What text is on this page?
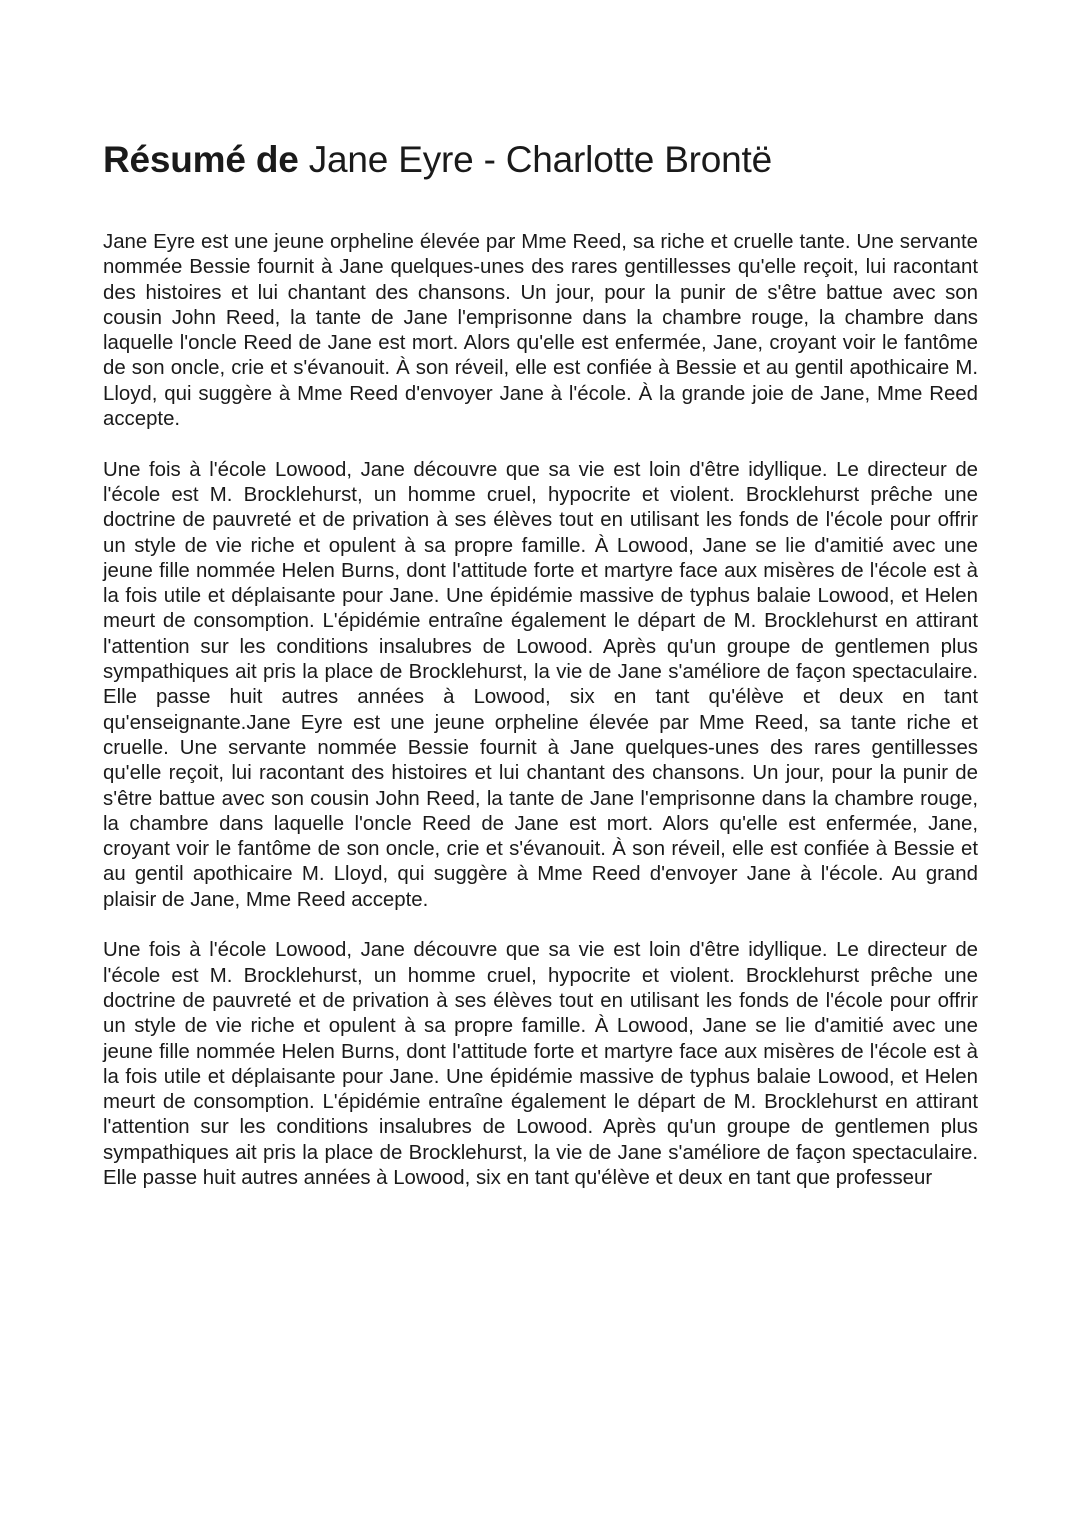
Résumé de Jane Eyre - Charlotte Brontë

Jane Eyre est une jeune orpheline élevée par Mme Reed, sa riche et cruelle tante. Une servante nommée Bessie fournit à Jane quelques-unes des rares gentillesses qu'elle reçoit, lui racontant des histoires et lui chantant des chansons. Un jour, pour la punir de s'être battue avec son cousin John Reed, la tante de Jane l'emprisonne dans la chambre rouge, la chambre dans laquelle l'oncle Reed de Jane est mort. Alors qu'elle est enfermée, Jane, croyant voir le fantôme de son oncle, crie et s'évanouit. À son réveil, elle est confiée à Bessie et au gentil apothicaire M. Lloyd, qui suggère à Mme Reed d'envoyer Jane à l'école. À la grande joie de Jane, Mme Reed accepte.

Une fois à l'école Lowood, Jane découvre que sa vie est loin d'être idyllique. Le directeur de l'école est M. Brocklehurst, un homme cruel, hypocrite et violent. Brocklehurst prêche une doctrine de pauvreté et de privation à ses élèves tout en utilisant les fonds de l'école pour offrir un style de vie riche et opulent à sa propre famille. À Lowood, Jane se lie d'amitié avec une jeune fille nommée Helen Burns, dont l'attitude forte et martyre face aux misères de l'école est à la fois utile et déplaisante pour Jane. Une épidémie massive de typhus balaie Lowood, et Helen meurt de consomption. L'épidémie entraîne également le départ de M. Brocklehurst en attirant l'attention sur les conditions insalubres de Lowood. Après qu'un groupe de gentlemen plus sympathiques ait pris la place de Brocklehurst, la vie de Jane s'améliore de façon spectaculaire. Elle passe huit autres années à Lowood, six en tant qu'élève et deux en tant qu'enseignante.Jane Eyre est une jeune orpheline élevée par Mme Reed, sa tante riche et cruelle. Une servante nommée Bessie fournit à Jane quelques-unes des rares gentillesses qu'elle reçoit, lui racontant des histoires et lui chantant des chansons. Un jour, pour la punir de s'être battue avec son cousin John Reed, la tante de Jane l'emprisonne dans la chambre rouge, la chambre dans laquelle l'oncle Reed de Jane est mort. Alors qu'elle est enfermée, Jane, croyant voir le fantôme de son oncle, crie et s'évanouit. À son réveil, elle est confiée à Bessie et au gentil apothicaire M. Lloyd, qui suggère à Mme Reed d'envoyer Jane à l'école. Au grand plaisir de Jane, Mme Reed accepte.

Une fois à l'école Lowood, Jane découvre que sa vie est loin d'être idyllique. Le directeur de l'école est M. Brocklehurst, un homme cruel, hypocrite et violent. Brocklehurst prêche une doctrine de pauvreté et de privation à ses élèves tout en utilisant les fonds de l'école pour offrir un style de vie riche et opulent à sa propre famille. À Lowood, Jane se lie d'amitié avec une jeune fille nommée Helen Burns, dont l'attitude forte et martyre face aux misères de l'école est à la fois utile et déplaisante pour Jane. Une épidémie massive de typhus balaie Lowood, et Helen meurt de consomption. L'épidémie entraîne également le départ de M. Brocklehurst en attirant l'attention sur les conditions insalubres de Lowood. Après qu'un groupe de gentlemen plus sympathiques ait pris la place de Brocklehurst, la vie de Jane s'améliore de façon spectaculaire. Elle passe huit autres années à Lowood, six en tant qu'élève et deux en tant que professeur
